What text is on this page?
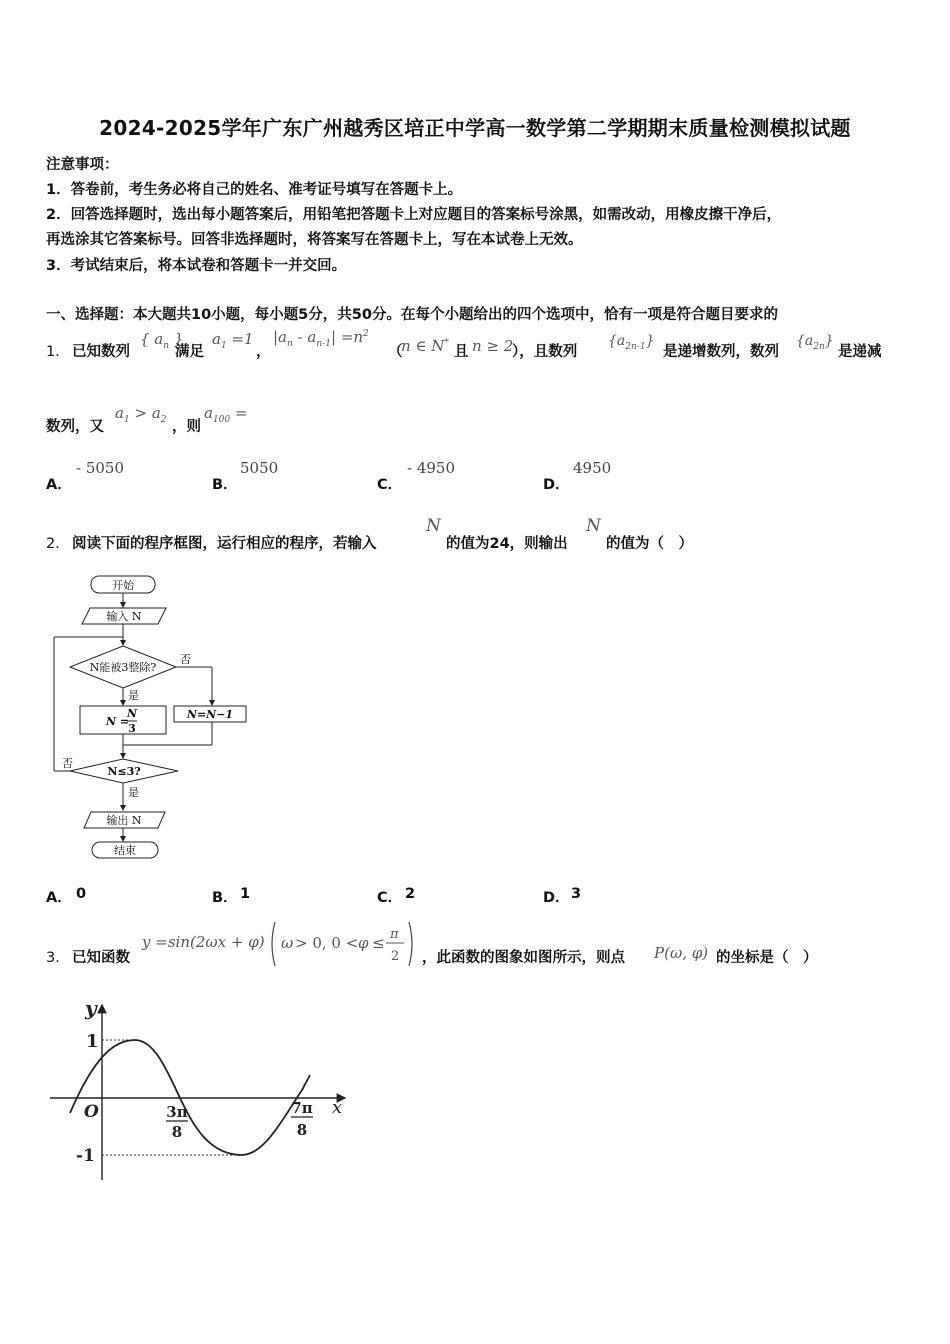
2024-2025学年广东广州越秀区培正中学高一数学第二学期期末质量检测模拟试题
注意事项：
1．答卷前，考生务必将自己的姓名、准考证号填写在答题卡上。
2．回答选择题时，选出每小题答案后，用铅笔把答题卡上对应题目的答案标号涂黑，如需改动，用橡皮擦干净后，
再选涂其它答案标号。回答非选择题时，将答案写在答题卡上，写在本试卷上无效。
3．考试结束后，将本试卷和答题卡一并交回。
一、选择题：本大题共10小题，每小题5分，共50分。在每个小题给出的四个选项中，恰有一项是符合题目要求的
1． 已知数列
{ $a_n$ }
满足
$a_1 =1$
，
$|a_n - a_{n-1}| =n^2$
（
n ∈ N*
且 n ≥ 2
），且数列
$\{a_{2n-1}\}$
是递增数列，数列
$\{a_{2n}\}$
是递减
数列，又
$a_1 > a_2$ ，则
$a_{100}$ =
A．
- 5050
B．
5050
C．
- 4950
D．
4950
2． 阅读下面的程序框图，运行相应的程序，若输入
N
的值为24，则输出
N
的值为（　）
开始
输入 N
N能被3整除?
否
是
N =
N
3
N=N−1
N≤3?
否
是
输出 N
结束
A． 0	B． 1	C． 2	D． 3
3． 已知函数
y =sin(2ωx + φ) ω > 0, 0 < φ ≤ π
2 ，此函数的图象如图所示，则点 P(ω, φ) 的坐标是（　）
y
x
O
1
-1
3π
8
7π
8
